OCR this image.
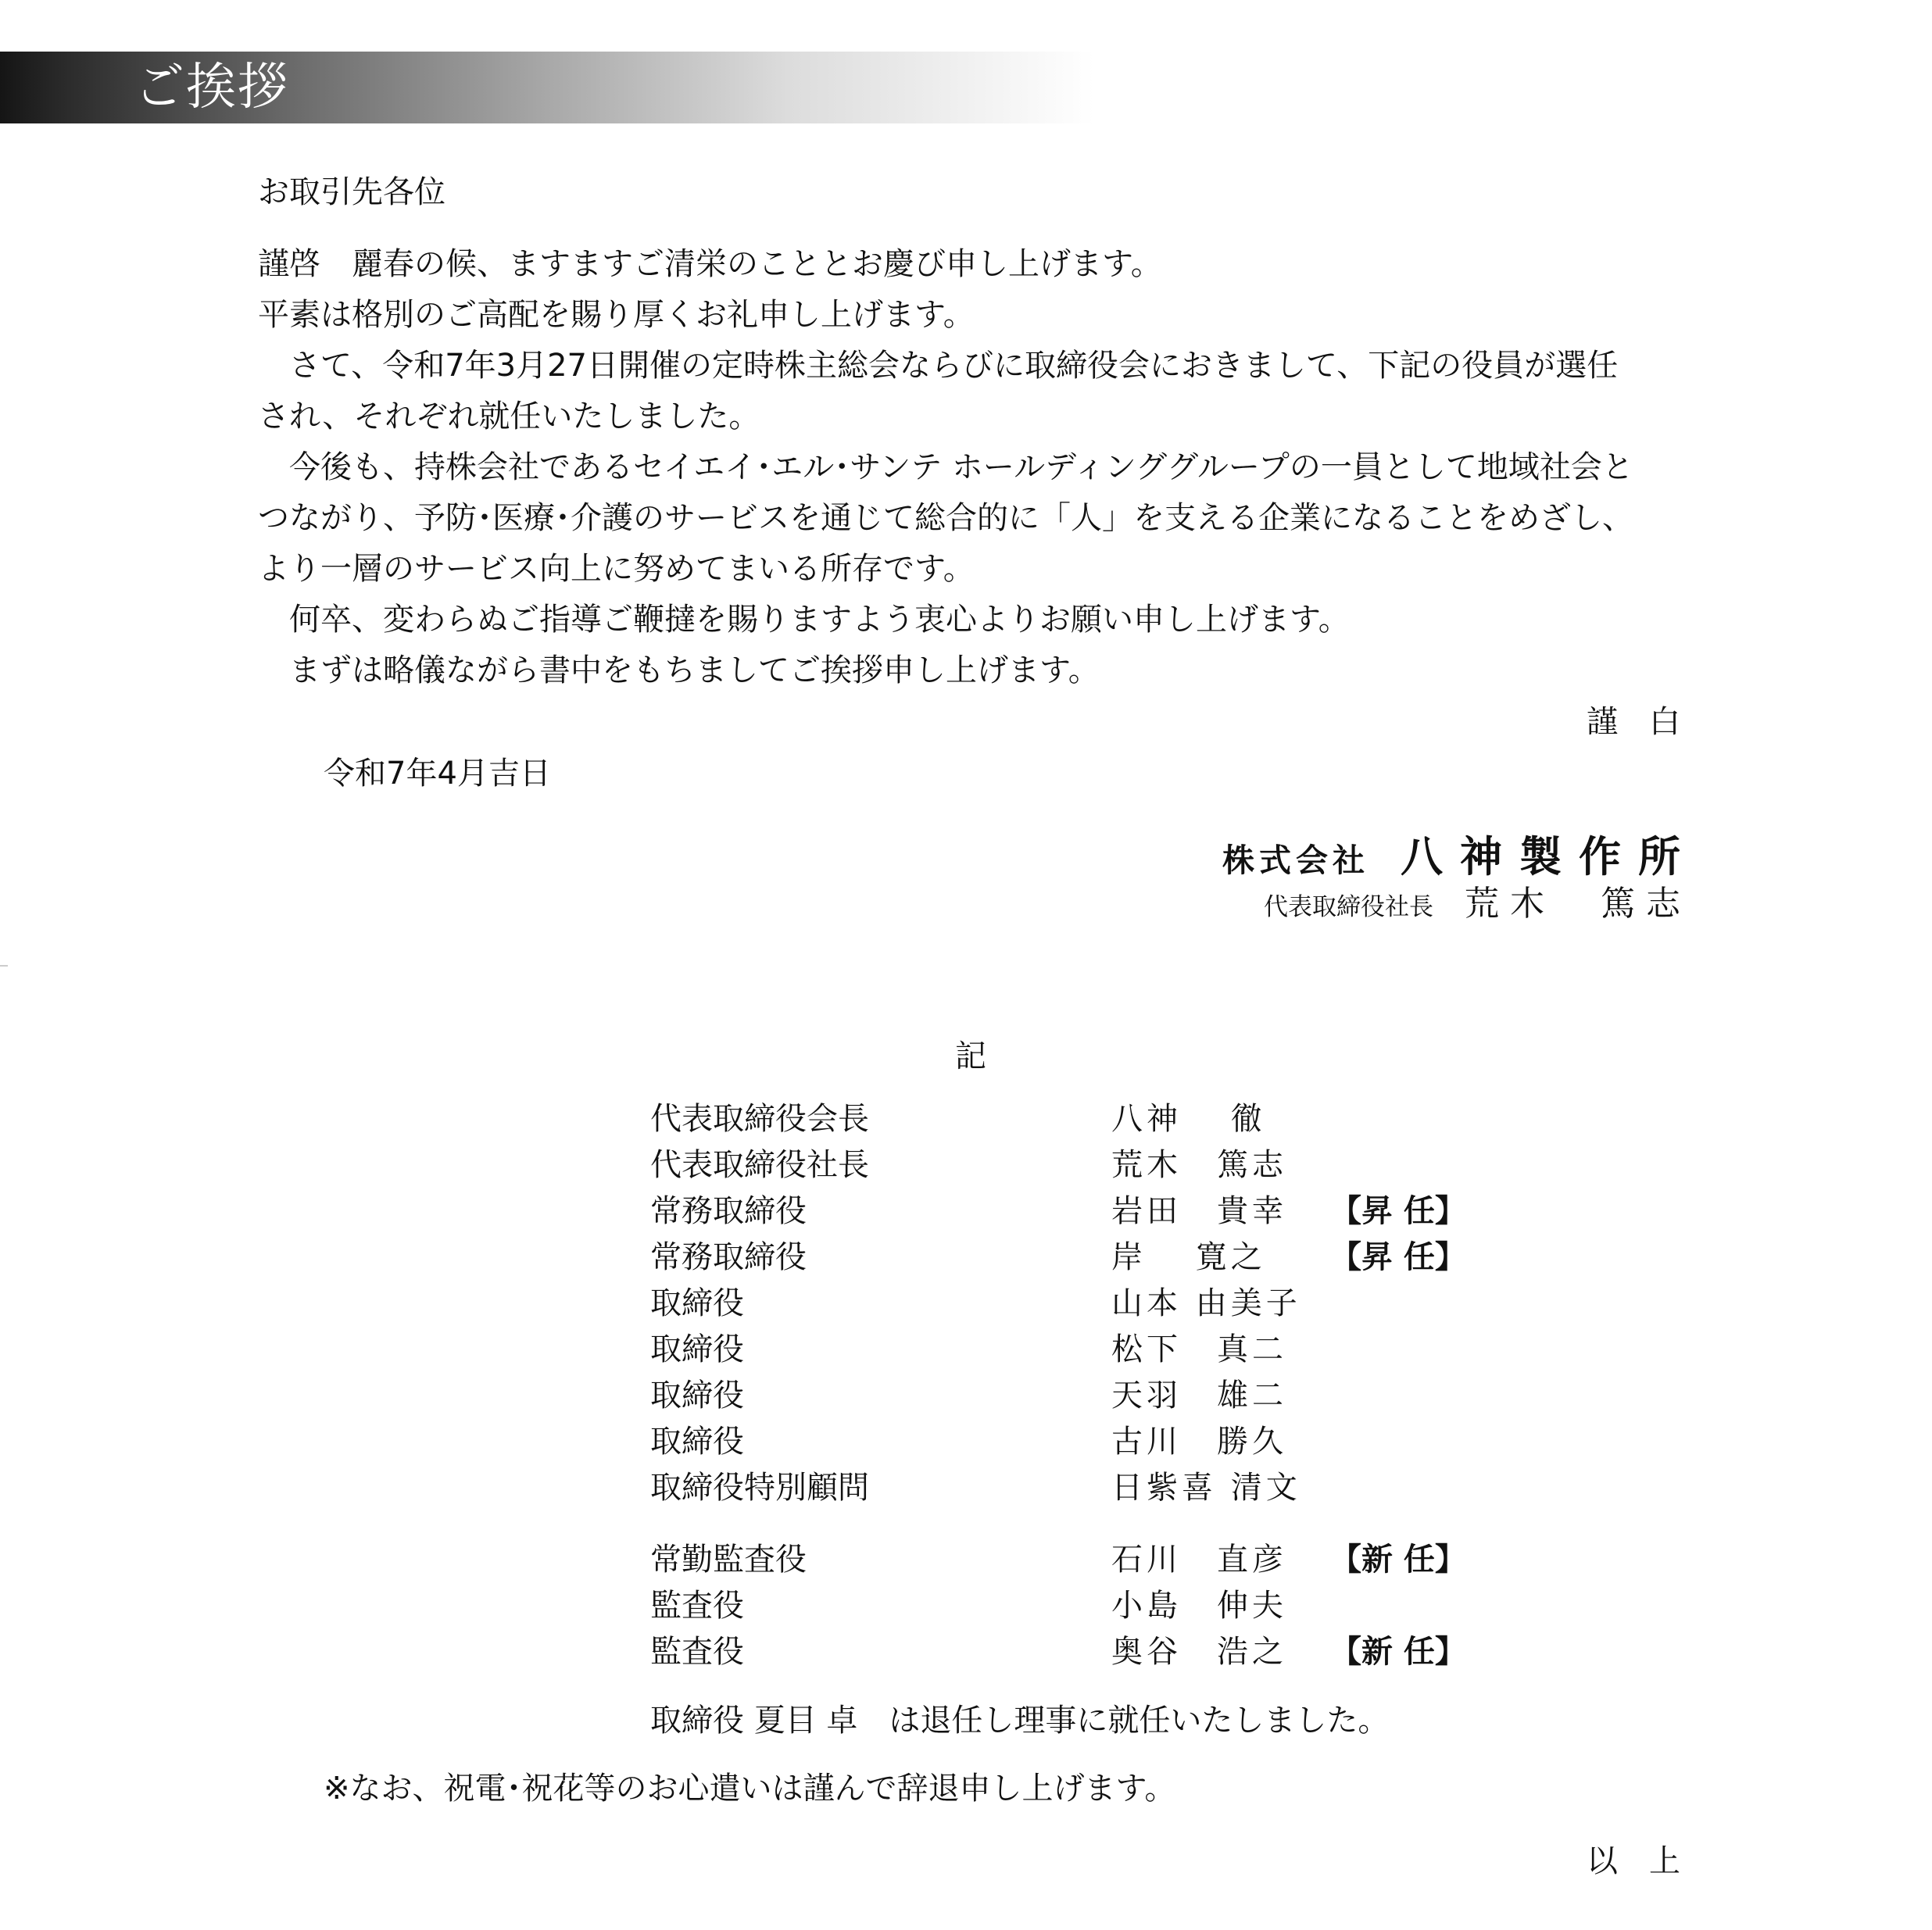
ご挨拶
お取引先各位
謹啓　麗春の候、ますますご清栄のこととお慶び申し上げます。
平素は格別のご高配を賜り厚くお礼申し上げます。
　さて、令和7年3月27日開催の定時株主総会ならびに取締役会におきまして、下記の役員が選任
され、それぞれ就任いたしました。
　今後も、持株会社であるセイエイ･エル･サンテ ホールディンググループの一員として地域社会と
つながり、予防･医療･介護のサービスを通じて総合的に「人」を支える企業になることをめざし、
より一層のサービス向上に努めてまいる所存です。
　何卒、変わらぬご指導ご鞭撻を賜りますよう衷心よりお願い申し上げます。
　まずは略儀ながら書中をもちましてご挨拶申し上げます。
謹　白
令和7年4月吉日
株式会社 八神製作所
代表取締役社長 荒木　篤志
記
代表取締役会長	八神　 徹
代表取締役社長	荒木　篤志
常務取締役	岩田　貴幸 【昇 任】
常務取締役	岸　 寛之 【昇 任】
取締役	山本 由美子
取締役	松下　真二
取締役	天羽　雄二
取締役	古川　勝久
取締役特別顧問	日紫喜 清文
常勤監査役	石川　直彦 【新 任】
監査役	小島　伸夫
監査役	奥谷　浩之 【新 任】
取締役 夏目 卓　は退任し理事に就任いたしました。
※なお、祝電･祝花等のお心遣いは謹んで辞退申し上げます。
以　上
